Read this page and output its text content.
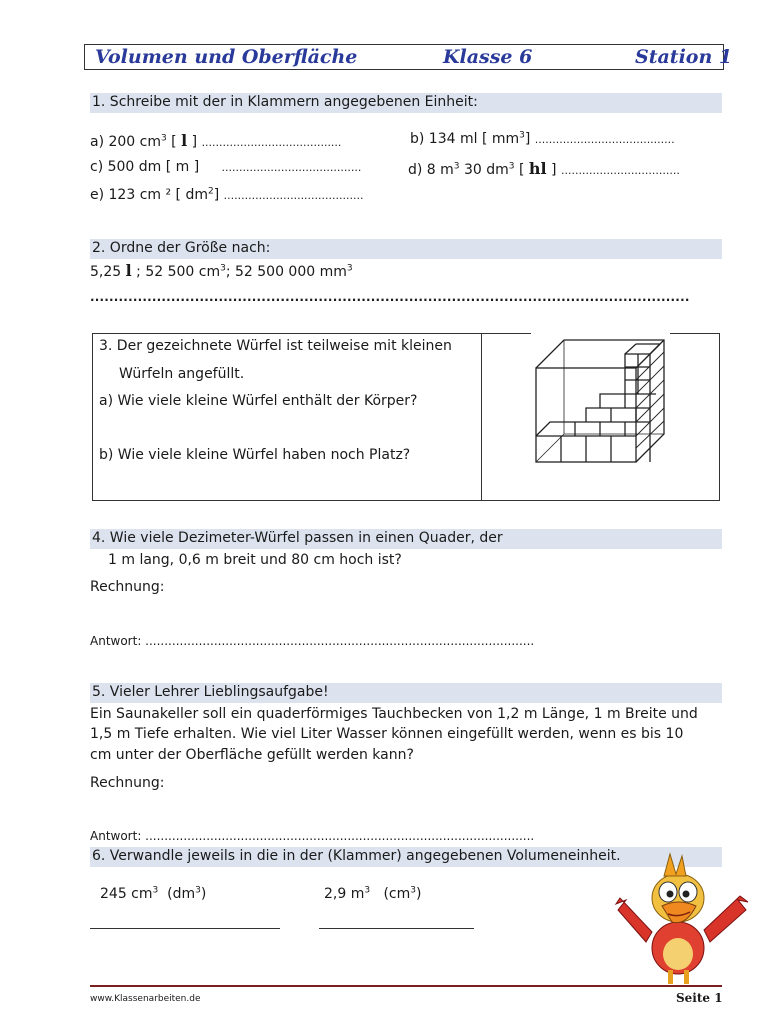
Volumen und Oberfläche	Klasse 6	Station 1
1. Schreibe mit der in Klammern angegebenen Einheit:
a) 200 $cm^3$ [ l ] ........................................	b) 134 ml [ $mm^3$] ........................................
c) 500 dm [ m ] ........................................	d) 8 $m^3$ 30 $dm^3$ [ hl ] ..................................
e) 123 cm ² [ $dm^2$] ........................................
2. Ordne der Größe nach:
5,25 l ; 52 500 $cm^3$; 52 500 000 $mm^3$
..............................................................................................................................
3. Der gezeichnete Würfel ist teilweise mit kleinen
Würfeln angefüllt.
a) Wie viele kleine Würfel enthält der Körper?
b) Wie viele kleine Würfel haben noch Platz?
4. Wie viele Dezimeter-Würfel passen in einen Quader, der
1 m lang, 0,6 m breit und 80 cm hoch ist?
Rechnung:
Antwort: ......................................................................................................
5. Vieler Lehrer Lieblingsaufgabe!
Ein Saunakeller soll ein quaderförmiges Tauchbecken von 1,2 m Länge, 1 m Breite und
1,5 m Tiefe erhalten. Wie viel Liter Wasser können eingefüllt werden, wenn es bis 10
cm unter der Oberfläche gefüllt werden kann?
Rechnung:
Antwort: ......................................................................................................
6. Verwandle jeweils in die in der (Klammer) angegebenen Volumeneinheit.
245 $cm^3$  $(dm^3)$	2,9 $m^3$   $(cm^3)$
www.Klassenarbeiten.de	Seite 1
